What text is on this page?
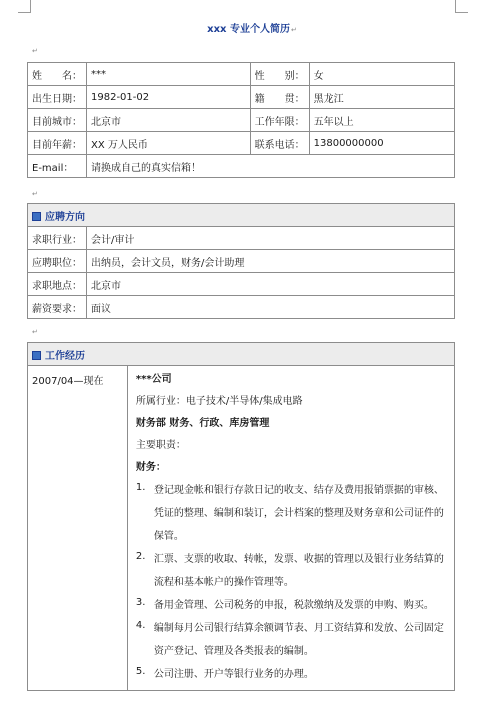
xxx 专业个人简历↵
↵
姓　　名：	***	性　　别：	女
出生日期：	1982-01-02	籍　　贯：	黑龙江
目前城市：	北京市	工作年限：	五年以上
目前年薪：	XX 万人民币	联系电话：	13800000000
E-mail：	请换成自己的真实信箱！		
↵
应聘方向	
求职行业：	会计/审计
应聘职位：	出纳员，会计文员，财务/会计助理
求职地点：	北京市
薪资要求：	面议
↵
工作经历
2007/04—现在	***公司
所属行业：电子技术/半导体/集成电路
财务部 财务、行政、库房管理
主要职责：
财务：
1. 登记现金帐和银行存款日记的收支、结存及费用报销票据的审核、凭证的整理、编制和装订，会计档案的整理及财务章和公司证件的保管。
2. 汇票、支票的收取、转帐，发票、收据的管理以及银行业务结算的流程和基本帐户的操作管理等。
3. 备用金管理、公司税务的申报，税款缴纳及发票的申购、购买。
4. 编制每月公司银行结算余额调节表、月工资结算和发放、公司固定资产登记、管理及各类报表的编制。
5. 公司注册、开户等银行业务的办理。
